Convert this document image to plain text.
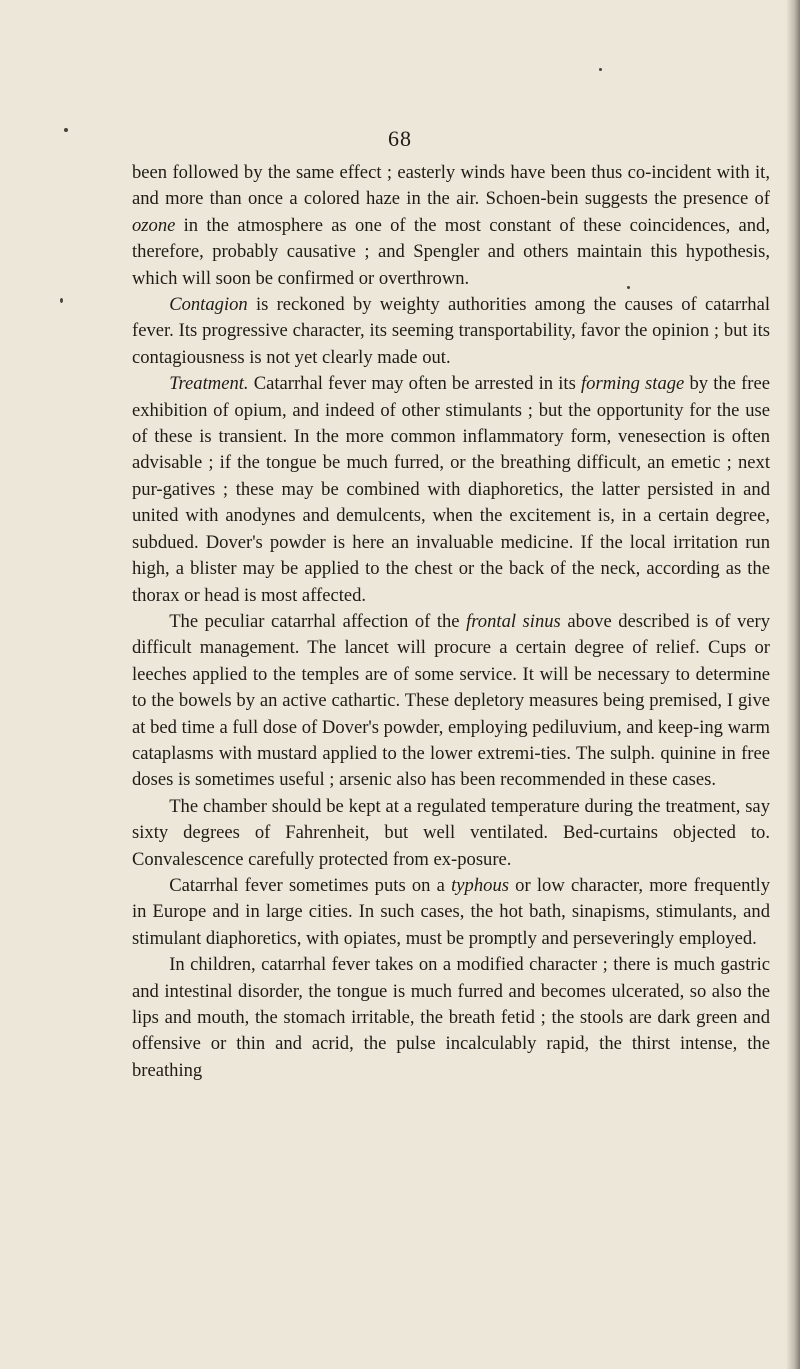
68

been followed by the same effect ; easterly winds have been thus co-incident with it, and more than once a colored haze in the air. Schoen-bein suggests the presence of ozone in the atmosphere as one of the most constant of these coincidences, and, therefore, probably causative ; and Spengler and others maintain this hypothesis, which will soon be confirmed or overthrown.

Contagion is reckoned by weighty authorities among the causes of catarrhal fever. Its progressive character, its seeming transportability, favor the opinion ; but its contagiousness is not yet clearly made out.

Treatment. Catarrhal fever may often be arrested in its forming stage by the free exhibition of opium, and indeed of other stimulants ; but the opportunity for the use of these is transient. In the more common inflammatory form, venesection is often advisable ; if the tongue be much furred, or the breathing difficult, an emetic ; next pur-gatives ; these may be combined with diaphoretics, the latter persisted in and united with anodynes and demulcents, when the excitement is, in a certain degree, subdued. Dover's powder is here an invaluable medicine. If the local irritation run high, a blister may be applied to the chest or the back of the neck, according as the thorax or head is most affected.

The peculiar catarrhal affection of the frontal sinus above described is of very difficult management. The lancet will procure a certain degree of relief. Cups or leeches applied to the temples are of some service. It will be necessary to determine to the bowels by an active cathartic. These depletory measures being premised, I give at bed time a full dose of Dover's powder, employing pediluvium, and keep-ing warm cataplasms with mustard applied to the lower extremi-ties. The sulph. quinine in free doses is sometimes useful ; arsenic also has been recommended in these cases.

The chamber should be kept at a regulated temperature during the treatment, say sixty degrees of Fahrenheit, but well ventilated. Bed-curtains objected to. Convalescence carefully protected from ex-posure.

Catarrhal fever sometimes puts on a typhous or low character, more frequently in Europe and in large cities. In such cases, the hot bath, sinapisms, stimulants, and stimulant diaphoretics, with opiates, must be promptly and perseveringly employed.

In children, catarrhal fever takes on a modified character ; there is much gastric and intestinal disorder, the tongue is much furred and becomes ulcerated, so also the lips and mouth, the stomach irritable, the breath fetid ; the stools are dark green and offensive or thin and acrid, the pulse incalculably rapid, the thirst intense, the breathing
